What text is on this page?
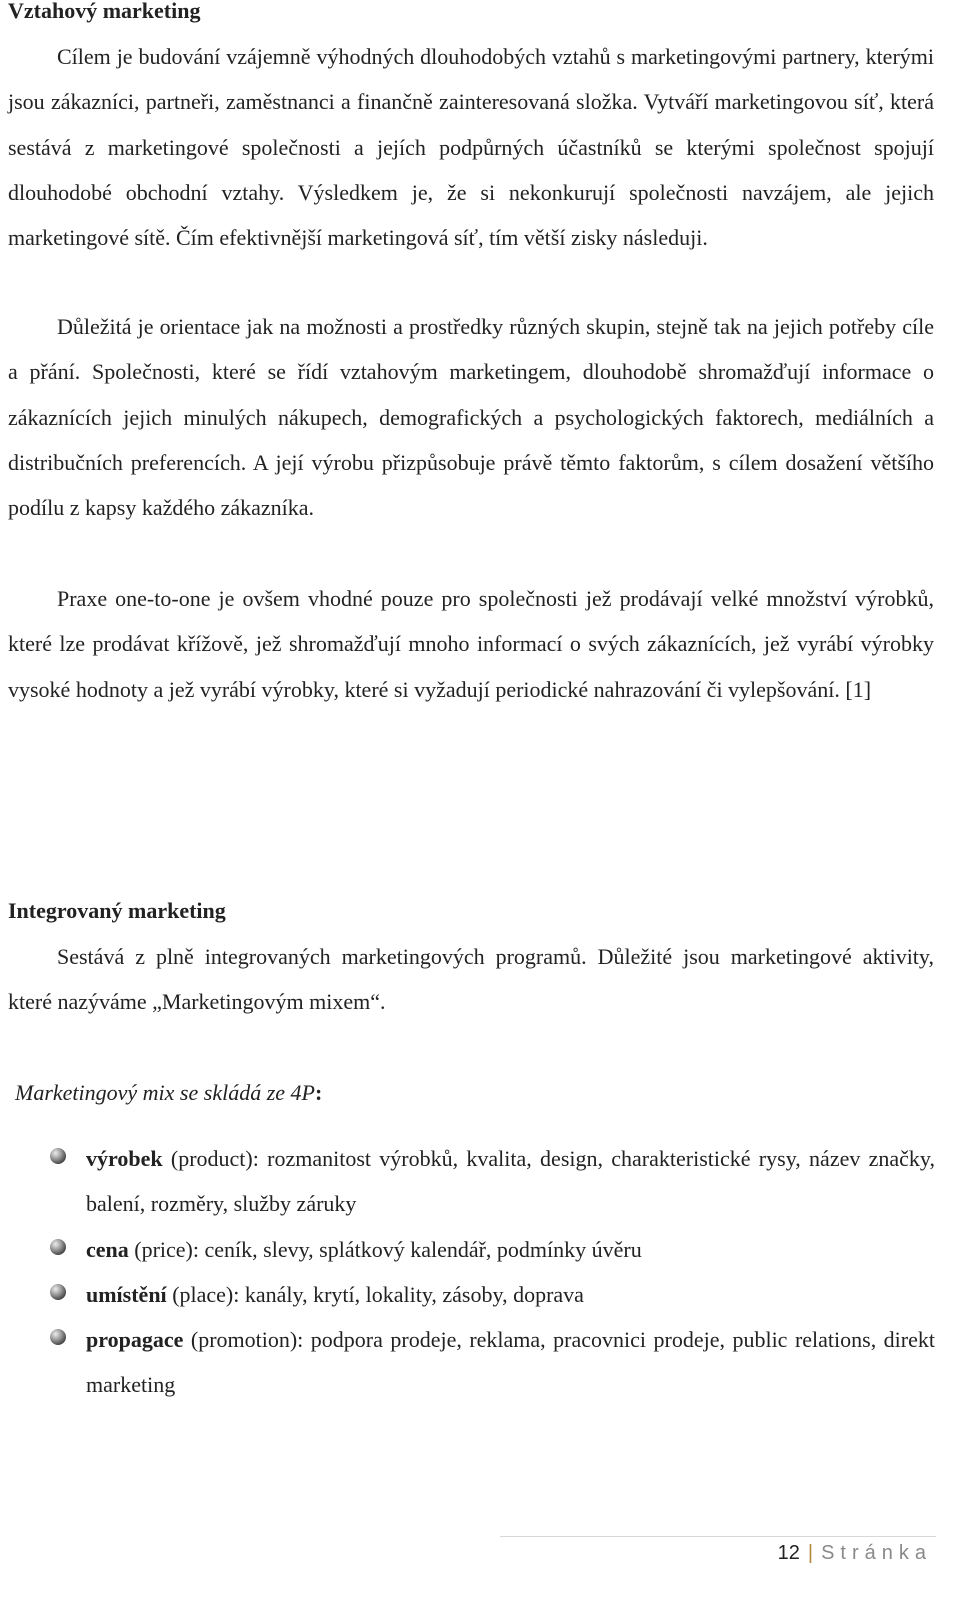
Vztahový marketing

Cílem je budování vzájemně výhodných dlouhodobých vztahů s marketingovými partnery, kterými jsou zákazníci, partneři, zaměstnanci a finančně zainteresovaná složka. Vytváří marketingovou síť, která sestává z marketingové společnosti a jejích podpůrných účastníků se kterými společnost spojují dlouhodobé obchodní vztahy. Výsledkem je, že si nekonkurují společnosti navzájem, ale jejich marketingové sítě. Čím efektivnější marketingová síť, tím větší zisky následuji.

Důležitá je orientace jak na možnosti a prostředky různých skupin, stejně tak na jejich potřeby cíle a přání. Společnosti, které se řídí vztahovým marketingem, dlouhodobě shromažďují informace o zákaznících jejich minulých nákupech, demografických a psychologických faktorech, mediálních a distribučních preferencích. A její výrobu přizpůsobuje právě těmto faktorům, s cílem dosažení většího podílu z kapsy každého zákazníka.

Praxe one-to-one je ovšem vhodné pouze pro společnosti jež prodávají velké množství výrobků, které lze prodávat křížově, jež shromažďují mnoho informací o svých zákaznících, jež vyrábí výrobky vysoké hodnoty a jež vyrábí výrobky, které si vyžadují periodické nahrazování či vylepšování. [1]

Integrovaný marketing

Sestává z plně integrovaných marketingových programů. Důležité jsou marketingové aktivity, které nazýváme „Marketingovým mixem“.

Marketingový mix se skládá ze 4P:

výrobek (product): rozmanitost výrobků, kvalita, design, charakteristické rysy, název značky, balení, rozměry, služby záruky
cena (price): ceník, slevy, splátkový kalendář, podmínky úvěru
umístění (place): kanály, krytí, lokality, zásoby, doprava
propagace (promotion): podpora prodeje, reklama, pracovnici prodeje, public relations, direkt marketing
12 | Stránka
